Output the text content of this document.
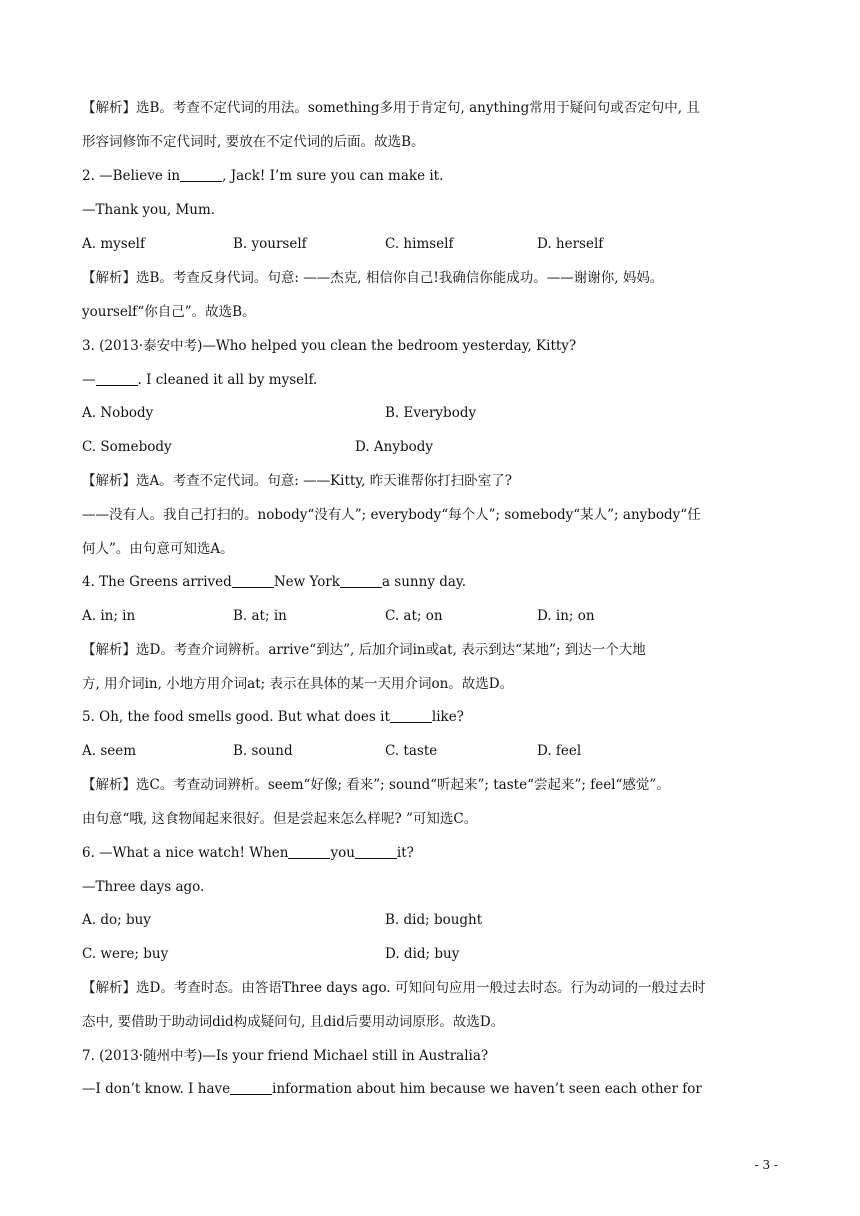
【解析】选B。考查不定代词的用法。something多用于肯定句, anything常用于疑问句或否定句中, 且
形容词修饰不定代词时, 要放在不定代词的后面。故选B。
2. —Believe in	, Jack! I’m sure you can make it.
—Thank you, Mum.
A. myself	B. yourself	C. himself	D. herself
【解析】选B。考查反身代词。句意: ——杰克, 相信你自己!我确信你能成功。——谢谢你, 妈妈。
yourself“你自己”。故选B。
3. (2013·泰安中考)—Who helped you clean the bedroom yesterday, Kitty?
—	. I cleaned it all by myself.
A. Nobody	B. Everybody
C. Somebody	D. Anybody
【解析】选A。考查不定代词。句意: ——Kitty, 昨天谁帮你打扫卧室了?
——没有人。我自己打扫的。nobody“没有人”; everybody“每个人”; somebody“某人”; anybody“任
何人”。由句意可知选A。
4. The Greens arrived	New York	a sunny day.
A. in; in	B. at; in	C. at; on	D. in; on
【解析】选D。考查介词辨析。arrive“到达”, 后加介词in或at, 表示到达“某地”; 到达一个大地
方, 用介词in, 小地方用介词at; 表示在具体的某一天用介词on。故选D。
5. Oh, the food smells good. But what does it	like?
A. seem	B. sound	C. taste	D. feel
【解析】选C。考查动词辨析。seem“好像; 看来”; sound“听起来”; taste“尝起来”; feel“感觉”。
由句意“哦, 这食物闻起来很好。但是尝起来怎么样呢? ”可知选C。
6. —What a nice watch! When	you	it?
—Three days ago.
A. do; buy	B. did; bought
C. were; buy	D. did; buy
【解析】选D。考查时态。由答语Three days ago. 可知问句应用一般过去时态。行为动词的一般过去时
态中, 要借助于助动词did构成疑问句, 且did后要用动词原形。故选D。
7. (2013·随州中考)—Is your friend Michael still in Australia?
—I don’t know. I have	information about him because we haven’t seen each other for
- 3 -
